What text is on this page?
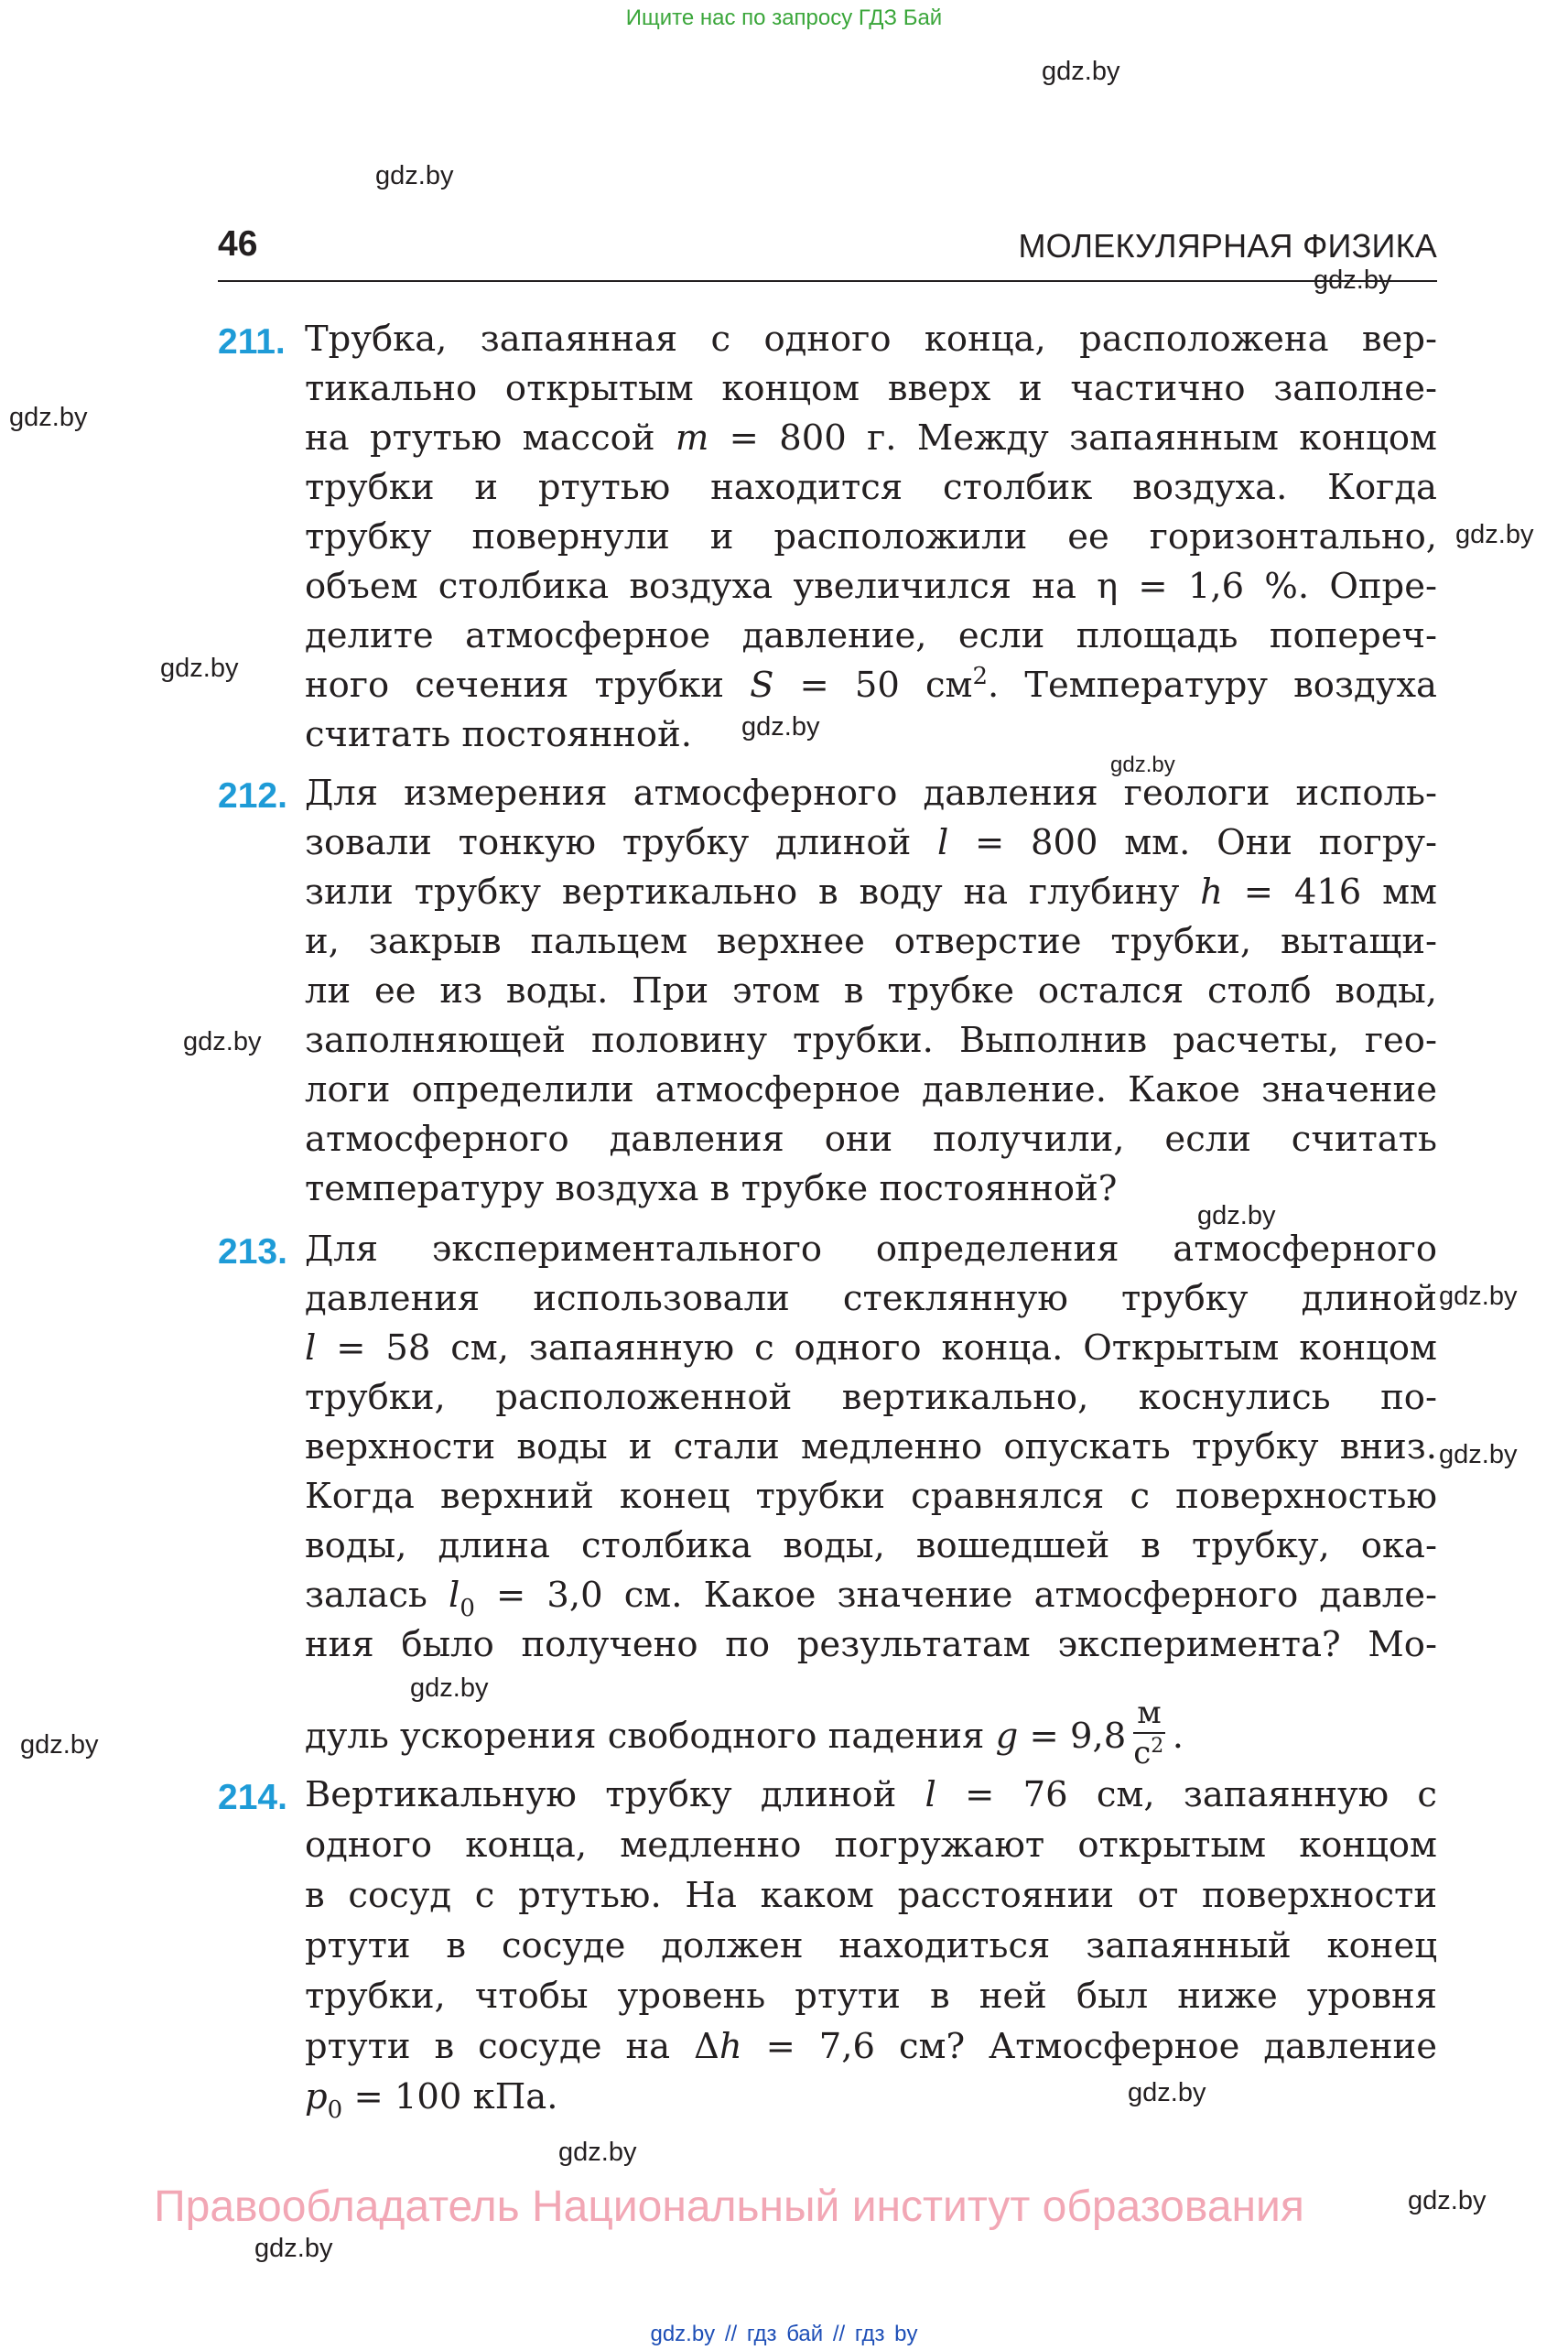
Ищите нас по запросу ГДЗ Бай
46	МОЛЕКУЛЯРНАЯ ФИЗИКА
gdz.by
gdz.by
gdz.by
gdz.by
gdz.by
gdz.by
gdz.by
gdz.by
gdz.by
gdz.by
gdz.by
gdz.by
gdz.by
gdz.by
gdz.by
gdz.by
gdz.by
gdz.by
211. Трубка, запаянная с одного конца, расположена вер-
тикально открытым концом вверх и частично заполне-
на ртутью массой m = 800 г. Между запаянным концом
трубки и ртутью находится столбик воздуха. Когда
трубку повернули и расположили ее горизонтально,
объем столбика воздуха увеличился на η = 1,6 %. Опре-
делите атмосферное давление, если площадь попереч-
ного сечения трубки S = 50 $см^2$. Температуру воздуха
считать постоянной.
212. Для измерения атмосферного давления геологи исполь-
зовали тонкую трубку длиной l = 800 мм. Они погру-
зили трубку вертикально в воду на глубину h = 416 мм
и, закрыв пальцем верхнее отверстие трубки, вытащи-
ли ее из воды. При этом в трубке остался столб воды,
заполняющей половину трубки. Выполнив расчеты, гео-
логи определили атмосферное давление. Какое значение
атмосферного давления они получили, если считать
температуру воздуха в трубке постоянной?
213. Для экспериментального определения атмосферного
давления использовали стеклянную трубку длиной
l = 58 см, запаянную с одного конца. Открытым концом
трубки, расположенной вертикально, коснулись по-
верхности воды и стали медленно опускать трубку вниз.
Когда верхний конец трубки сравнялся с поверхностью
воды, длина столбика воды, вошедшей в трубку, ока-
залась $l_0 = 3,0$ см. Какое значение атмосферного давле-
ния было получено по результатам эксперимента? Мо-
дуль ускорения свободного падения $g = 9,8 \frac{м}{с^2}$ .
214. Вертикальную трубку длиной l = 76 см, запаянную с
одного конца, медленно погружают открытым концом
в сосуд с ртутью. На каком расстоянии от поверхности
ртути в сосуде должен находиться запаянный конец
трубки, чтобы уровень ртути в ней был ниже уровня
ртути в сосуде на Δh = 7,6 см? Атмосферное давление
$p_0 = 100$ кПа.
Правообладатель Национальный институт образования
gdz.by // гдз бай // гдз by
